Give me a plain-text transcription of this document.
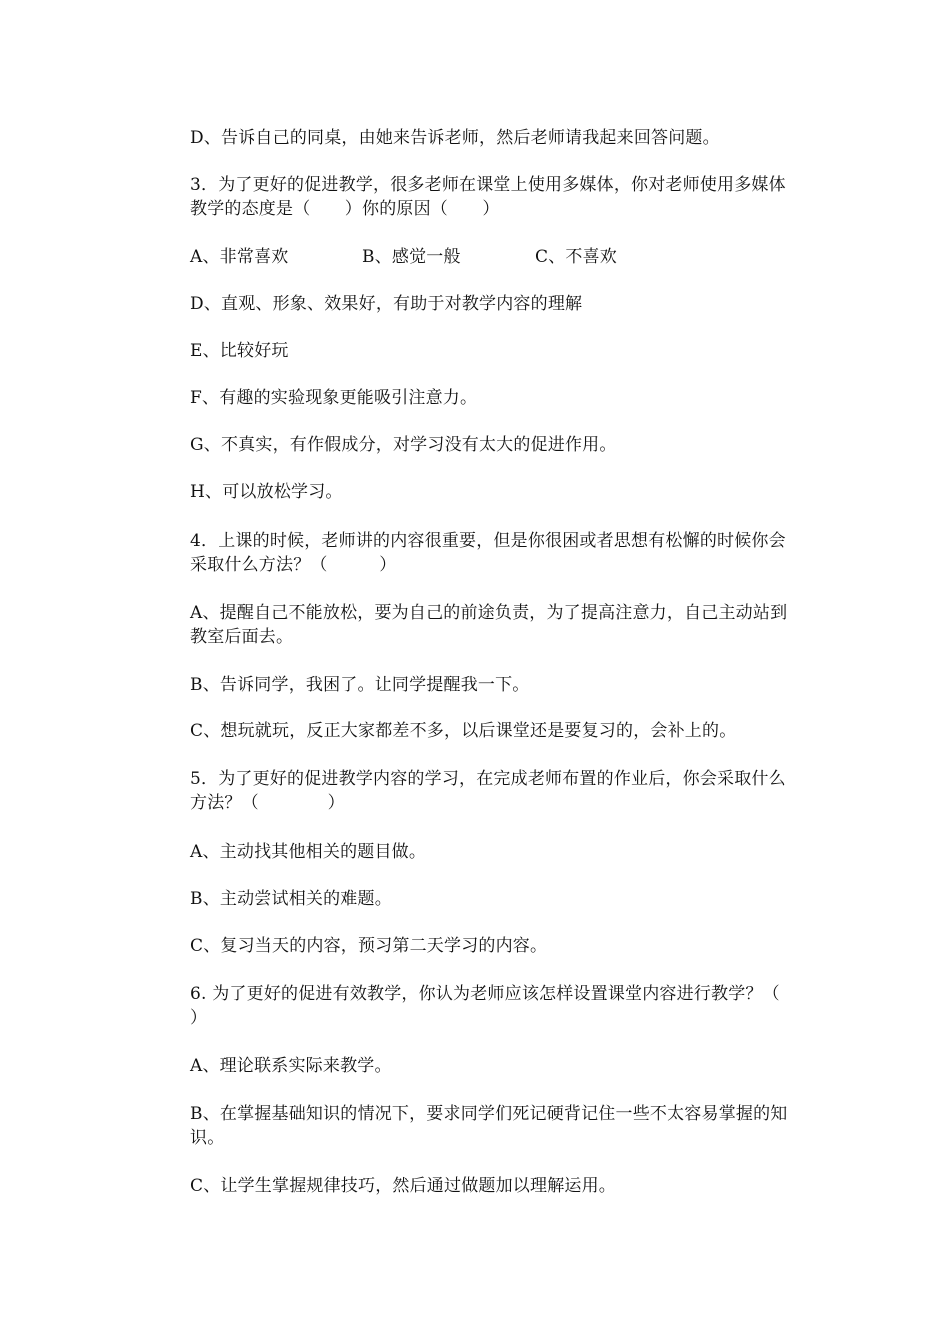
D、告诉自己的同桌，由她来告诉老师，然后老师请我起来回答问题。
3．为了更好的促进教学，很多老师在课堂上使用多媒体，你对老师使用多媒体教学的态度是（　　）你的原因（　　）
A、非常喜欢	B、感觉一般	C、不喜欢
D、直观、形象、效果好，有助于对教学内容的理解
E、比较好玩
F、有趣的实验现象更能吸引注意力。
G、不真实，有作假成分，对学习没有太大的促进作用。
H、可以放松学习。
4．上课的时候，老师讲的内容很重要，但是你很困或者思想有松懈的时候你会采取什么方法？（　　　）
A、提醒自己不能放松，要为自己的前途负责，为了提高注意力，自己主动站到教室后面去。
B、告诉同学，我困了。让同学提醒我一下。
C、想玩就玩，反正大家都差不多，以后课堂还是要复习的，会补上的。
5．为了更好的促进教学内容的学习，在完成老师布置的作业后，你会采取什么方法？（　　　　）
A、主动找其他相关的题目做。
B、主动尝试相关的难题。
C、复习当天的内容，预习第二天学习的内容。
6. 为了更好的促进有效教学，你认为老师应该怎样设置课堂内容进行教学？（　　）
A、理论联系实际来教学。
B、在掌握基础知识的情况下，要求同学们死记硬背记住一些不太容易掌握的知识。
C、让学生掌握规律技巧，然后通过做题加以理解运用。
